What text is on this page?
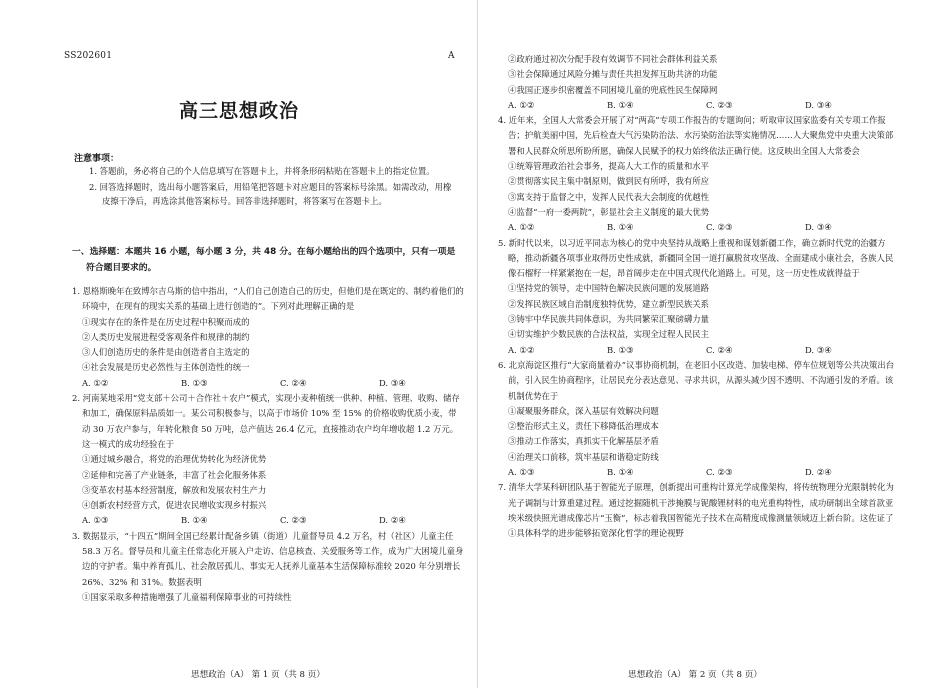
SS202601	A
高三思想政治
注意事项：
1. 答题前，务必将自己的个人信息填写在答题卡上，并将条形码粘贴在答题卡上的指定位置。
2. 回答选择题时，选出每小题答案后，用铅笔把答题卡对应题目的答案标号涂黑。如需改动，用橡皮擦干净后，再选涂其他答案标号。回答非选择题时，将答案写在答题卡上。
一、选择题：本题共 16 小题，每小题 3 分，共 48 分。在每小题给出的四个选项中，只有一项是
符合题目要求的。
1. 恩格斯晚年在致博尔吉乌斯的信中指出，“人们自己创造自己的历史，但他们是在既定的、制约着他们的环境中，在现有的现实关系的基础上进行创造的”。下列对此理解正确的是
①现实存在的条件是在历史过程中积聚而成的
②人类历史发展进程受客观条件和规律的制约
③人们创造历史的条件是由创造者自主选定的
④社会发展是历史必然性与主体创造性的统一
A. ①②	B. ①③	C. ②④	D. ③④
2. 河南某地采用“党支部＋公司＋合作社＋农户”模式，实现小麦种植统一供种、种植、管理、收购、储存和加工，确保原料品质如一。某公司积极参与，以高于市场价 10% 至 15% 的价格收购优质小麦，带动 30 万农户参与，年转化粮食 50 万吨，总产值达 26.4 亿元，直接推动农户均年增收超 1.2 万元。这一模式的成功经验在于
①通过城乡融合，将党的治理优势转化为经济优势
②延伸和完善了产业链条，丰富了社会化服务体系
③变革农村基本经营制度，解放和发展农村生产力
④创新农村经营方式，促进农民增收实现乡村振兴
A. ①③	B. ①④	C. ②③	D. ②④
3. 数据显示，“十四五”期间全国已经累计配备乡镇（街道）儿童督导员 4.2 万名，村（社区）儿童主任 58.3 万名。督导员和儿童主任常态化开展入户走访、信息核查、关爱服务等工作，成为广大困境儿童身边的守护者。集中养育孤儿、社会散居孤儿、事实无人抚养儿童基本生活保障标准较 2020 年分别增长 26%、32% 和 31%。数据表明
①国家采取多种措施增强了儿童福利保障事业的可持续性
思想政治（A） 第 1 页（共 8 页）
②政府通过初次分配手段有效调节不同社会群体利益关系
③社会保障通过风险分摊与责任共担发挥互助共济的功能
④我国正逐步织密覆盖不同困境儿童的兜底性民生保障网
A. ①②	B. ①④	C. ②③	D. ③④
4. 近年来，全国人大常委会开展了对“两高”专项工作报告的专题询问；听取审议国家监委有关专项工作报告；护航美丽中国，先后检查大气污染防治法、水污染防治法等实施情况……人大聚焦党中央重大决策部署和人民群众所思所盼所愿，确保人民赋予的权力始终依法正确行使。这反映出全国人大常委会
①统筹管理政治社会事务，提高人大工作的质量和水平
②贯彻落实民主集中制原则，做到民有所呼，我有所应
③寓支持于监督之中，发挥人民代表大会制度的优越性
④监督“一府一委两院”，彰显社会主义制度的最大优势
A. ①②	B. ①④	C. ②③	D. ③④
5. 新时代以来，以习近平同志为核心的党中央坚持从战略上重视和谋划新疆工作，确立新时代党的治疆方略，推动新疆各项事业取得历史性成就，新疆同全国一道打赢脱贫攻坚战、全面建成小康社会，各族人民像石榴籽一样紧紧抱在一起，昂首阔步走在中国式现代化道路上。可见，这一历史性成就得益于
①坚持党的领导，走中国特色解决民族问题的发展道路
②发挥民族区域自治制度独特优势，建立新型民族关系
③铸牢中华民族共同体意识，为共同繁荣汇聚磅礴力量
④切实维护少数民族的合法权益，实现全过程人民民主
A. ①②	B. ①③	C. ②④	D. ③④
6. 北京海淀区推行“大家商量着办”议事协商机制，在老旧小区改造、加装电梯、停车位规划等公共决策出台前，引入民生协商程序，让居民充分表达意见、寻求共识，从源头减少因不透明、不沟通引发的矛盾。该机制优势在于
①凝聚服务群众，深入基层有效解决问题
②整治形式主义，责任下移降低治理成本
③推动工作落实，真抓实干化解基层矛盾
④治理关口前移，筑牢基层和谐稳定防线
A. ①③	B. ①④	C. ②③	D. ②④
7. 清华大学某科研团队基于智能光子原理，创新提出可重构计算光学成像架构，将传统物理分光限制转化为光子调制与计算重建过程。通过挖掘随机干涉掩膜与铌酸锂材料的电光重构特性，成功研制出全球首款亚埃米级快照光谱成像芯片“玉衡”，标志着我国智能光子技术在高精度成像测量领域迈上新台阶。这佐证了
①具体科学的进步能够拓宽深化哲学的理论视野
思想政治（A） 第 2 页（共 8 页）
